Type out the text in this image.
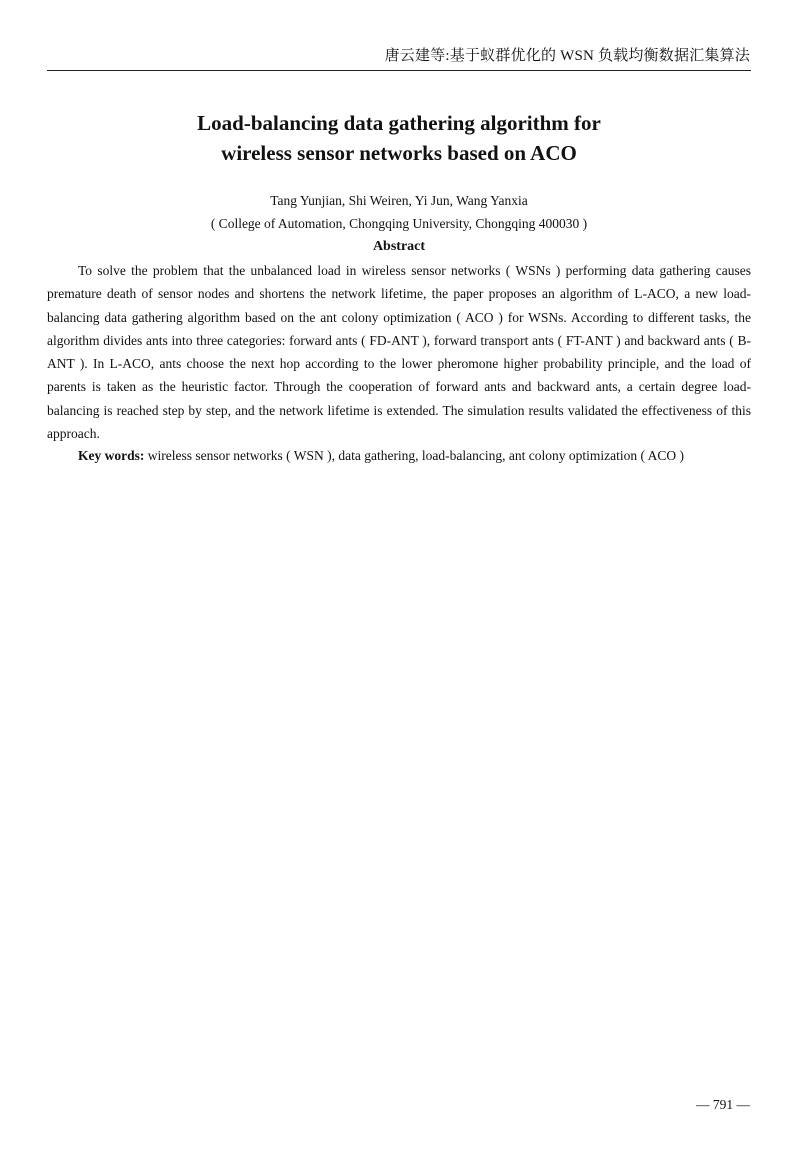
唐云建等:基于蚁群优化的 WSN 负载均衡数据汇集算法
Load-balancing data gathering algorithm for
wireless sensor networks based on ACO
Tang Yunjian, Shi Weiren, Yi Jun, Wang Yanxia
( College of Automation, Chongqing University, Chongqing 400030 )
Abstract

To solve the problem that the unbalanced load in wireless sensor networks ( WSNs ) performing data gathering causes premature death of sensor nodes and shortens the network lifetime, the paper proposes an algorithm of L-ACO, a new load-balancing data gathering algorithm based on the ant colony optimization ( ACO ) for WSNs. According to different tasks, the algorithm divides ants into three categories: forward ants ( FD-ANT ), forward transport ants ( FT-ANT ) and backward ants ( B-ANT ). In L-ACO, ants choose the next hop according to the lower pheromone higher probability principle, and the load of parents is taken as the heuristic factor. Through the cooperation of forward ants and backward ants, a certain degree load-balancing is reached step by step, and the network lifetime is extended. The simulation results validated the effectiveness of this approach.

Key words: wireless sensor networks ( WSN ), data gathering, load-balancing, ant colony optimization ( ACO )

— 791 —
